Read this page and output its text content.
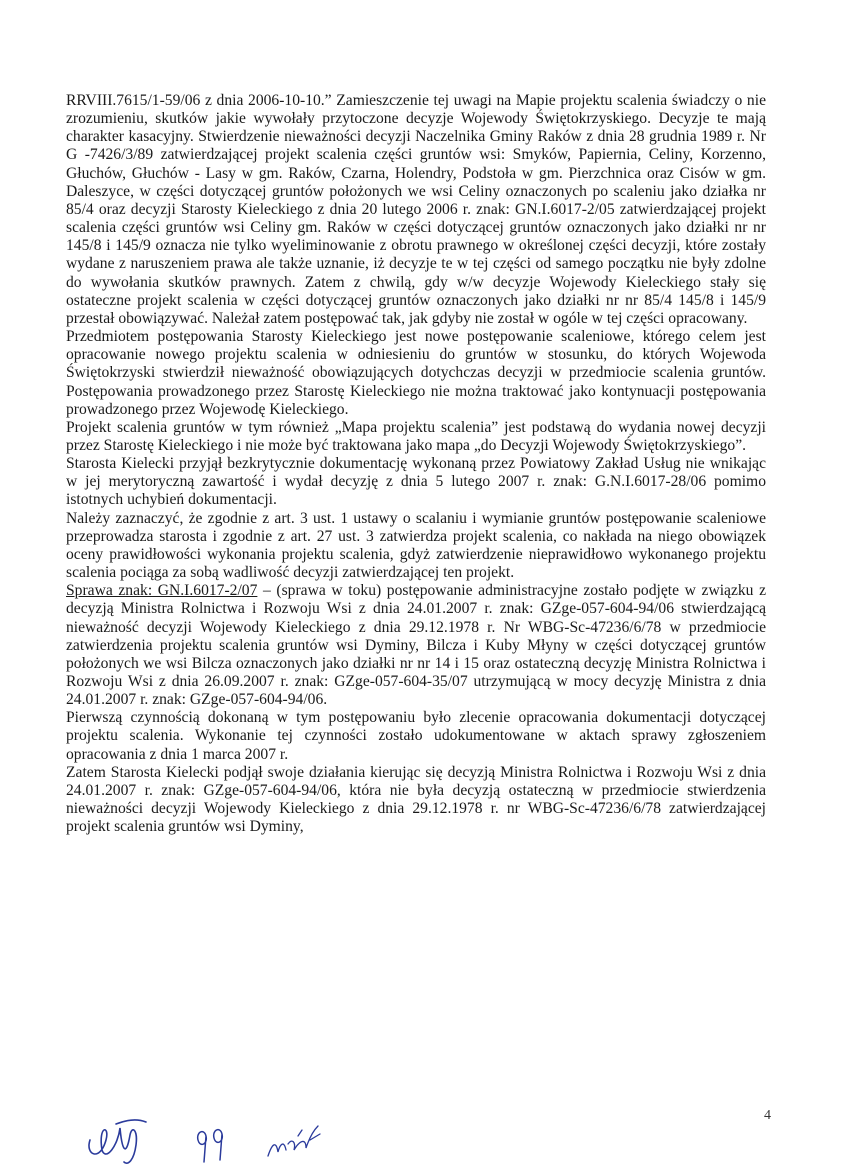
RRVIII.7615/1-59/06 z dnia 2006-10-10.” Zamieszczenie tej uwagi na Mapie projektu scalenia świadczy o nie zrozumieniu, skutków jakie wywołały przytoczone decyzje Wojewody Świętokrzyskiego. Decyzje te mają charakter kasacyjny. Stwierdzenie nieważności decyzji Naczelnika Gminy Raków z dnia 28 grudnia 1989 r. Nr G -7426/3/89 zatwierdzającej projekt scalenia części gruntów wsi: Smyków, Papiernia, Celiny, Korzenno, Głuchów, Głuchów - Lasy w gm. Raków, Czarna, Holendry, Podstoła w gm. Pierzchnica oraz Cisów w gm. Daleszyce, w części dotyczącej gruntów położonych we wsi Celiny oznaczonych po scaleniu jako działka nr 85/4 oraz decyzji Starosty Kieleckiego z dnia 20 lutego 2006 r. znak: GN.I.6017-2/05 zatwierdzającej projekt scalenia części gruntów wsi Celiny gm. Raków w części dotyczącej gruntów oznaczonych jako działki nr nr 145/8 i 145/9 oznacza nie tylko wyeliminowanie z obrotu prawnego w określonej części decyzji, które zostały wydane z naruszeniem prawa ale także uznanie, iż decyzje te w tej części od samego początku nie były zdolne do wywołania skutków prawnych. Zatem z chwilą, gdy w/w decyzje Wojewody Kieleckiego stały się ostateczne projekt scalenia w części dotyczącej gruntów oznaczonych jako działki nr nr 85/4 145/8 i 145/9 przestał obowiązywać. Należał zatem postępować tak, jak gdyby nie został w ogóle w tej części opracowany.

Przedmiotem postępowania Starosty Kieleckiego jest nowe postępowanie scaleniowe, którego celem jest opracowanie nowego projektu scalenia w odniesieniu do gruntów w stosunku, do których Wojewoda Świętokrzyski stwierdził nieważność obowiązujących dotychczas decyzji w przedmiocie scalenia gruntów. Postępowania prowadzonego przez Starostę Kieleckiego nie można traktować jako kontynuacji postępowania prowadzonego przez Wojewodę Kieleckiego.

Projekt scalenia gruntów w tym również „Mapa projektu scalenia” jest podstawą do wydania nowej decyzji przez Starostę Kieleckiego i nie może być traktowana jako mapa „do Decyzji Wojewody Świętokrzyskiego”.

Starosta Kielecki przyjął bezkrytycznie dokumentację wykonaną przez Powiatowy Zakład Usług nie wnikając w jej merytoryczną zawartość i wydał decyzję z dnia 5 lutego 2007 r. znak: G.N.I.6017-28/06 pomimo istotnych uchybień dokumentacji.

Należy zaznaczyć, że zgodnie z art. 3 ust. 1 ustawy o scalaniu i wymianie gruntów postępowanie scaleniowe przeprowadza starosta i zgodnie z art. 27 ust. 3 zatwierdza projekt scalenia, co nakłada na niego obowiązek oceny prawidłowości wykonania projektu scalenia, gdyż zatwierdzenie nieprawidłowo wykonanego projektu scalenia pociąga za sobą wadliwość decyzji zatwierdzającej ten projekt.

Sprawa znak: GN.I.6017-2/07 – (sprawa w toku) postępowanie administracyjne zostało podjęte w związku z decyzją Ministra Rolnictwa i Rozwoju Wsi z dnia 24.01.2007 r. znak: GZge-057-604-94/06 stwierdzającą nieważność decyzji Wojewody Kieleckiego z dnia 29.12.1978 r. Nr WBG-Sc-47236/6/78 w przedmiocie zatwierdzenia projektu scalenia gruntów wsi Dyminy, Bilcza i Kuby Młyny w części dotyczącej gruntów położonych we wsi Bilcza oznaczonych jako działki nr nr 14 i 15 oraz ostateczną decyzję Ministra Rolnictwa i Rozwoju Wsi z dnia 26.09.2007 r. znak: GZge-057-604-35/07 utrzymującą w mocy decyzję Ministra z dnia 24.01.2007 r. znak: GZge-057-604-94/06.

Pierwszą czynnością dokonaną w tym postępowaniu było zlecenie opracowania dokumentacji dotyczącej projektu scalenia. Wykonanie tej czynności zostało udokumentowane w aktach sprawy zgłoszeniem opracowania z dnia 1 marca 2007 r.

Zatem Starosta Kielecki podjął swoje działania kierując się decyzją Ministra Rolnictwa i Rozwoju Wsi z dnia 24.01.2007 r. znak: GZge-057-604-94/06, która nie była decyzją ostateczną w przedmiocie stwierdzenia nieważności decyzji Wojewody Kieleckiego z dnia 29.12.1978 r. nr WBG-Sc-47236/6/78 zatwierdzającej projekt scalenia gruntów wsi Dyminy,

4
